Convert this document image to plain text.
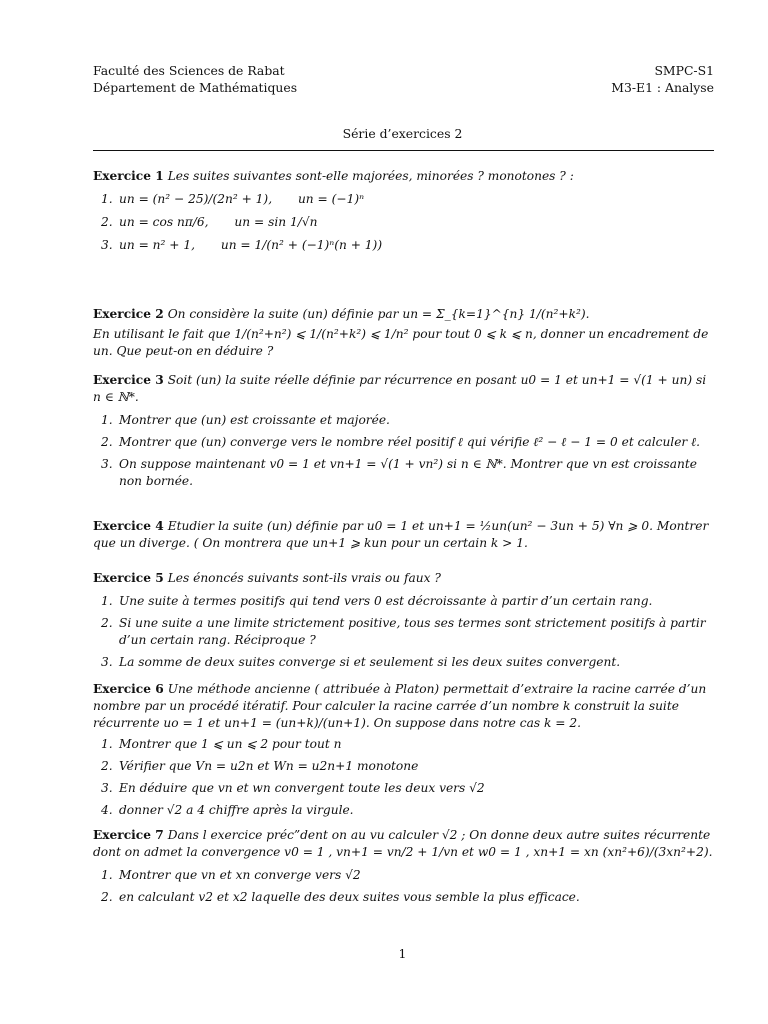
Faculté des Sciences de Rabat
Département de Mathématiques
SMPC-S1
M3-E1 : Analyse
Série d’exercices 2

Exercice 1 Les suites suivantes sont-elle majorées, minorées ? monotones ? :

1. un = (n² − 25)/(2n² + 1), un = (−1)ⁿ
2. un = cos nπ/6, un = sin 1/√n
3. un = n² + 1, un = 1/(n² + (−1)ⁿ(n + 1))

Exercice 2 On considère la suite (un) définie par un = Σ_{k=1}^{n} 1/(n²+k²).

En utilisant le fait que 1/(n²+n²) ⩽ 1/(n²+k²) ⩽ 1/n² pour tout 0 ⩽ k ⩽ n, donner un encadrement de un. Que peut-on en déduire ?

Exercice 3 Soit (un) la suite réelle définie par récurrence en posant u0 = 1 et un+1 = √(1 + un) si n ∈ ℕ*.

1. Montrer que (un) est croissante et majorée.
2. Montrer que (un) converge vers le nombre réel positif ℓ qui vérifie ℓ² − ℓ − 1 = 0 et calculer ℓ.
3. On suppose maintenant v0 = 1 et vn+1 = √(1 + vn²) si n ∈ ℕ*. Montrer que vn est croissante non bornée.

Exercice 4 Etudier la suite (un) définie par u0 = 1 et un+1 = ½un(un² − 3un + 5) ∀n ⩾ 0. Montrer que un diverge. ( On montrera que un+1 ⩾ kun pour un certain k > 1.

Exercice 5 Les énoncés suivants sont-ils vrais ou faux ?

1. Une suite à termes positifs qui tend vers 0 est décroissante à partir d’un certain rang.
2. Si une suite a une limite strictement positive, tous ses termes sont strictement positifs à partir d’un certain rang. Réciproque ?
3. La somme de deux suites converge si et seulement si les deux suites convergent.

Exercice 6 Une méthode ancienne ( attribuée à Platon) permettait d’extraire la racine carrée d’un nombre par un procédé itératif. Pour calculer la racine carrée d’un nombre k construit la suite récurrente uo = 1 et un+1 = (un+k)/(un+1). On suppose dans notre cas k = 2.

1. Montrer que 1 ⩽ un ⩽ 2 pour tout n
2. Vérifier que Vn = u2n et Wn = u2n+1 monotone
3. En déduire que vn et wn convergent toute les deux vers √2
4. donner √2 a 4 chiffre après la virgule.

Exercice 7 Dans l exercice préc”dent on au vu calculer √2 ; On donne deux autre suites récurrente dont on admet la convergence v0 = 1 , vn+1 = vn/2 + 1/vn et w0 = 1 , xn+1 = xn (xn²+6)/(3xn²+2).

1. Montrer que vn et xn converge vers √2
2. en calculant v2 et x2 laquelle des deux suites vous semble la plus efficace.
1
